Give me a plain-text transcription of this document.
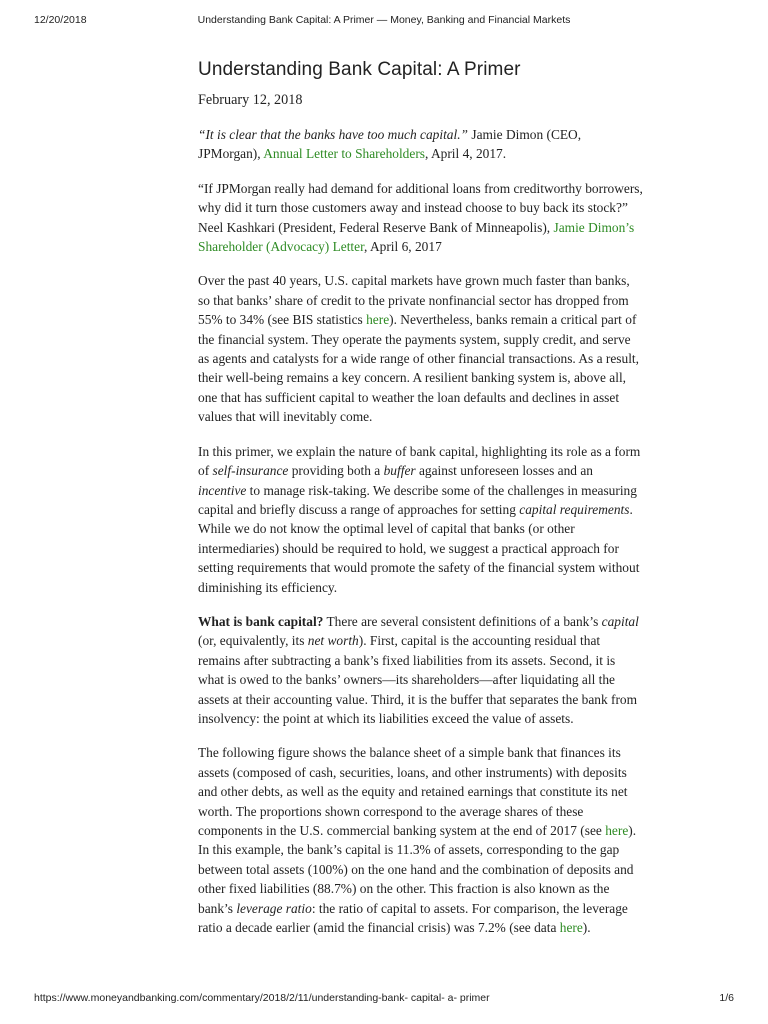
12/20/2018	Understanding Bank Capital: A Primer — Money, Banking and Financial Markets
Understanding Bank Capital: A Primer
February 12, 2018

“It is clear that the banks have too much capital.” Jamie Dimon (CEO, JPMorgan), Annual Letter to Shareholders, April 4, 2017.

“If JPMorgan really had demand for additional loans from creditworthy borrowers, why did it turn those customers away and instead choose to buy back its stock?” Neel Kashkari (President, Federal Reserve Bank of Minneapolis), Jamie Dimon’s Shareholder (Advocacy) Letter, April 6, 2017

Over the past 40 years, U.S. capital markets have grown much faster than banks, so that banks’ share of credit to the private nonfinancial sector has dropped from 55% to 34% (see BIS statistics here). Nevertheless, banks remain a critical part of the financial system. They operate the payments system, supply credit, and serve as agents and catalysts for a wide range of other financial transactions. As a result, their well-being remains a key concern. A resilient banking system is, above all, one that has sufficient capital to weather the loan defaults and declines in asset values that will inevitably come.

In this primer, we explain the nature of bank capital, highlighting its role as a form of self-insurance providing both a buffer against unforeseen losses and an incentive to manage risk-taking. We describe some of the challenges in measuring capital and briefly discuss a range of approaches for setting capital requirements. While we do not know the optimal level of capital that banks (or other intermediaries) should be required to hold, we suggest a practical approach for setting requirements that would promote the safety of the financial system without diminishing its efficiency.

What is bank capital? There are several consistent definitions of a bank’s capital (or, equivalently, its net worth). First, capital is the accounting residual that remains after subtracting a bank’s fixed liabilities from its assets. Second, it is what is owed to the banks’ owners—its shareholders—after liquidating all the assets at their accounting value. Third, it is the buffer that separates the bank from insolvency: the point at which its liabilities exceed the value of assets.

The following figure shows the balance sheet of a simple bank that finances its assets (composed of cash, securities, loans, and other instruments) with deposits and other debts, as well as the equity and retained earnings that constitute its net worth. The proportions shown correspond to the average shares of these components in the U.S. commercial banking system at the end of 2017 (see here). In this example, the bank’s capital is 11.3% of assets, corresponding to the gap between total assets (100%) on the one hand and the combination of deposits and other fixed liabilities (88.7%) on the other. This fraction is also known as the bank’s leverage ratio: the ratio of capital to assets. For comparison, the leverage ratio a decade earlier (amid the financial crisis) was 7.2% (see data here).

https://www.moneyandbanking.com/commentary/2018/2/11/understanding-bank- capital- a- primer	1/6
